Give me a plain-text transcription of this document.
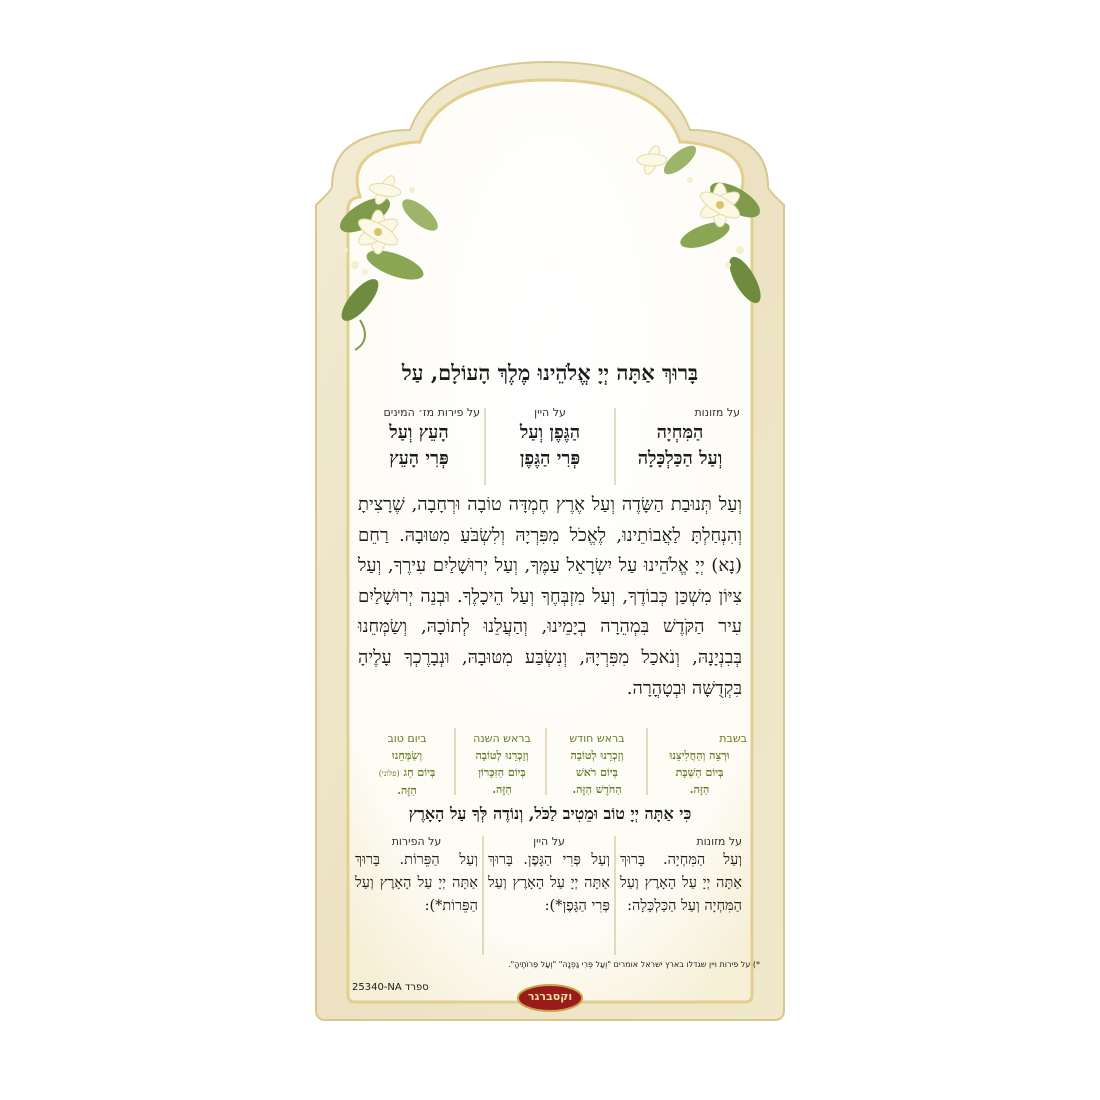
בָּרוּךְ אַתָּה יְיָ אֱלֹהֵינוּ מֶלֶךְ הָעוֹלָם, עַל
על מזונות
הַמִּחְיָה
וְעַל הַכַּלְכָּלָה
על היין
הַגֶּפֶן וְעַל
פְּרִי הַגֶּפֶן
על פירות מז׳ המינים
הָעֵץ וְעַל
פְּרִי הָעֵץ
וְעַל תְּנוּבַת הַשָּׂדֶה וְעַל אֶרֶץ חֶמְדָּה טוֹבָה וּרְחָבָה, שֶׁרָצִיתָ וְהִנְחַלְתָּ לַאֲבוֹתֵינוּ, לֶאֱכֹל מִפִּרְיָהּ וְלִשְׂבֹּעַ מִטּוּבָהּ. רַחֵם (נָא) יְיָ אֱלֹהֵינוּ עַל יִשְׂרָאֵל עַמֶּךָ, וְעַל יְרוּשָׁלַיִם עִירֶךָ, וְעַל צִיּוֹן מִשְׁכַּן כְּבוֹדֶךָ, וְעַל מִזְבְּחֶךָ וְעַל הֵיכָלֶךָ. וּבְנֵה יְרוּשָׁלַיִם עִיר הַקֹּדֶשׁ בִּמְהֵרָה בְיָמֵינוּ, וְהַעֲלֵנוּ לְתוֹכָהּ, וְשַׂמְּחֵנוּ בְּבִנְיָנָהּ, וְנֹאכַל מִפִּרְיָהּ, וְנִשְׂבַּע מִטּוּבָהּ, וּנְבָרֶכְךָ עָלֶיהָ בִּקְדֻשָּׁה וּבְטָהֳרָה.
בשבת
וּרְצֵה וְהַחֲלִיצֵנוּ
בְּיוֹם הַשַּׁבָּת
הַזֶּה.
בראש חודש
וְזָכְרֵנוּ לְטוֹבָה
בְּיוֹם רֹאשׁ
הַחֹדֶשׁ הַזֶּה.
בראש השנה
וְזָכְרֵנוּ לְטוֹבָה
בְּיוֹם הַזִּכָּרוֹן
הַזֶּה.
ביום טוב
וְשַׂמְּחֵנוּ
בְּיוֹם חַג (פלוני)
הַזֶּה.
כִּי אַתָּה יְיָ טוֹב וּמֵטִיב לַכֹּל, וְנוֹדֶה לְּךָ עַל הָאָרֶץ
על מזונות
וְעַל הַמִּחְיָה. בָּרוּךְ אַתָּה יְיָ עַל הָאָרֶץ וְעַל הַמִּחְיָה וְעַל הַכַּלְכָּלָה:
על היין
וְעַל פְּרִי הַגָּפֶן. בָּרוּךְ אַתָּה יְיָ עַל הָאָרֶץ וְעַל פְּרִי הַגָּפֶן*):
על הפירות
וְעַל הַפֵּרוֹת. בָּרוּךְ אַתָּה יְיָ עַל הָאָרֶץ וְעַל הַפֵּרוֹת*):
*) על פירות ויין שגדלו בארץ ישראל אומרים "וְעַל פְּרִי גַפְנָהּ" "וְעַל פֵּרוֹתֶיהָ".
25340-NA ספרד
וקסברגר
